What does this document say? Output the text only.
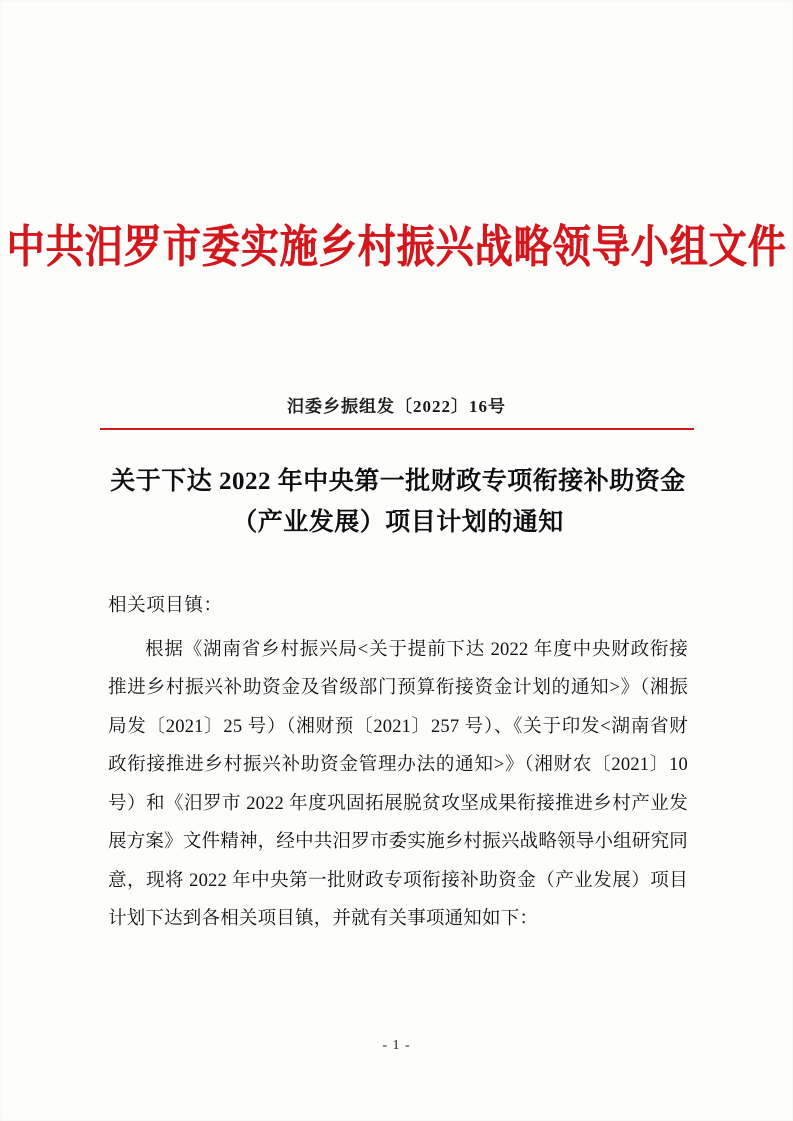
中共汨罗市委实施乡村振兴战略领导小组文件
汨委乡振组发〔2022〕16号
关于下达 2022 年中央第一批财政专项衔接补助资金（产业发展）项目计划的通知
相关项目镇：
根据《湖南省乡村振兴局<关于提前下达 2022 年度中央财政衔接推进乡村振兴补助资金及省级部门预算衔接资金计划的通知>》（湘振局发〔2021〕25 号）（湘财预〔2021〕257 号）、《关于印发<湖南省财政衔接推进乡村振兴补助资金管理办法的通知>》（湘财农〔2021〕10 号）和《汨罗市 2022 年度巩固拓展脱贫攻坚成果衔接推进乡村产业发展方案》文件精神，经中共汨罗市委实施乡村振兴战略领导小组研究同意，现将 2022 年中央第一批财政专项衔接补助资金（产业发展）项目计划下达到各相关项目镇，并就有关事项通知如下：
- 1 -
